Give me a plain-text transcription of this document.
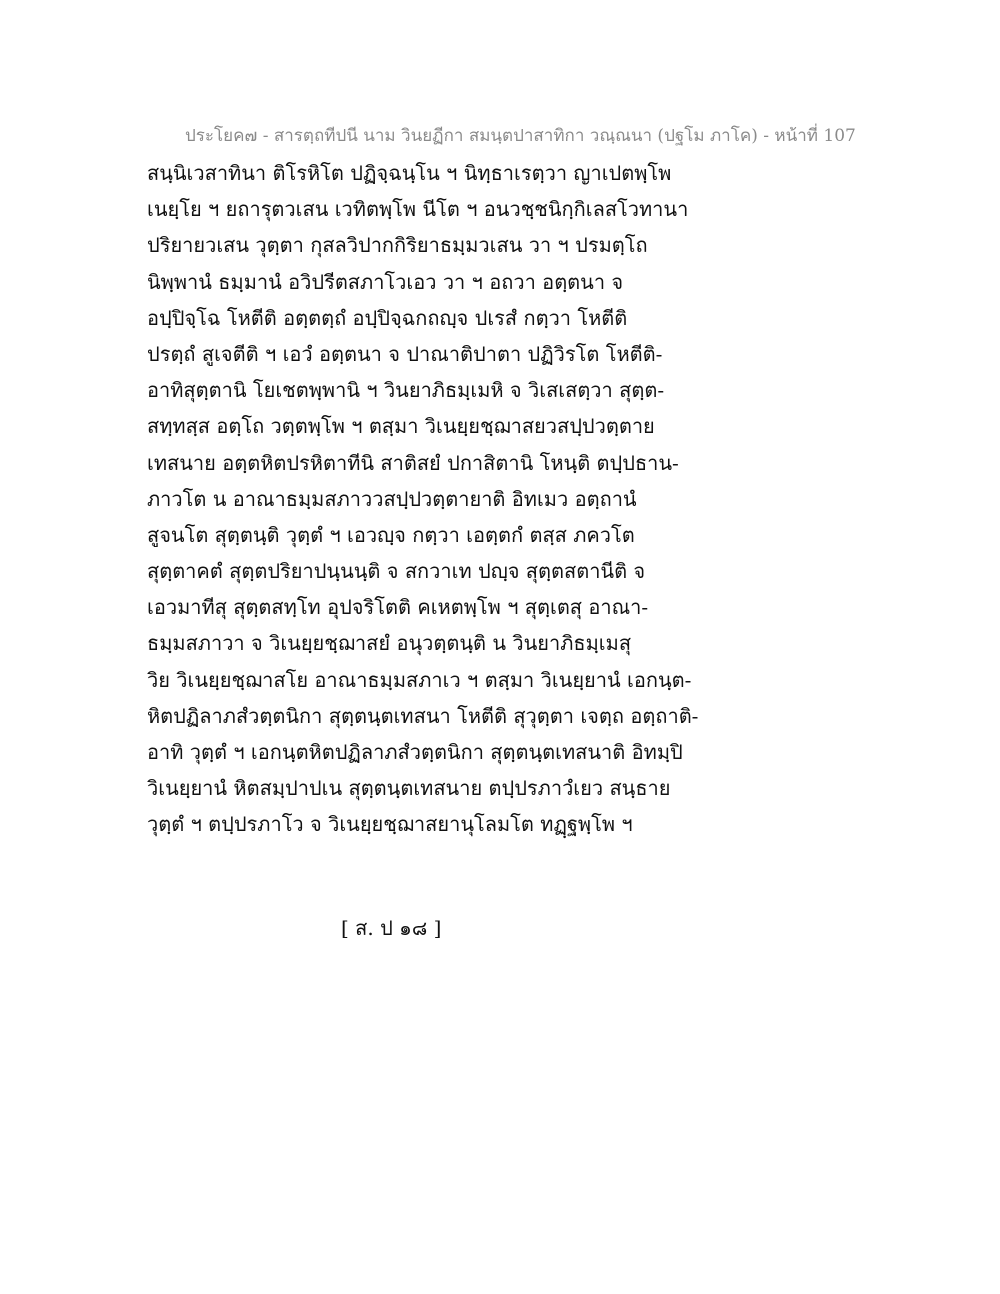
ประโยค๗ - สารตฺถทีปนี นาม วินยฏีกา สมนฺตปาสาทิกา วณฺณนา (ปฐโม ภาโค) - หน้าที่ 107
สนฺนิเวสาทินา ติโรหิโต ปฏิจฺฉนฺโน ฯ นิทฺธาเรตฺวา ญาเปตพฺโพ
เนยฺโย ฯ ยถารุตวเสน เวทิตพฺโพ นีโต ฯ อนวชฺชนิกฺกิเลสโวทานา
ปริยายวเสน วุตฺตา กุสลวิปากกิริยาธมฺมวเสน วา ฯ ปรมตฺโถ
นิพฺพานํ ธมฺมานํ อวิปรีตสภาโวเอว วา ฯ อถวา อตฺตนา จ
อปฺปิจฺโฉ โหตีติ อตฺตตฺถํ อปฺปิจฺฉกถญฺจ ปเรสํ กตฺวา โหตีติ
ปรตฺถํ สูเจตีติ ฯ เอวํ อตฺตนา จ ปาณาติปาตา ปฏิวิรโต โหตีติ-
อาทิสุตฺตานิ โยเชตพฺพานิ ฯ วินยาภิธมฺเมหิ จ วิเสเสตฺวา สุตฺต-
สทฺทสฺส อตฺโถ วตฺตพฺโพ ฯ ตสฺมา วิเนยฺยชฺฌาสยวสปฺปวตฺตาย
เทสนาย อตฺตหิตปรหิตาทีนิ สาติสยํ ปกาสิตานิ โหนฺติ ตปฺปธาน-
ภาวโต น อาณาธมฺมสภาววสปฺปวตฺตายาติ อิทเมว อตฺถานํ
สูจนโต สุตฺตนฺติ วุตฺตํ ฯ เอวญฺจ กตฺวา เอตฺตกํ ตสฺส ภควโต
สุตฺตาคตํ สุตฺตปริยาปนฺนนฺติ จ สกวาเท ปญฺจ สุตฺตสตานีติ จ
เอวมาทีสุ สุตฺตสทฺโท อุปจริโตติ คเหตพฺโพ ฯ สุตฺเตสุ อาณา-
ธมฺมสภาวา จ วิเนยฺยชฺฌาสยํ อนุวตฺตนฺติ น วินยาภิธมฺเมสุ
วิย วิเนยฺยชฺฌาสโย อาณาธมฺมสภาเว ฯ ตสฺมา วิเนยฺยานํ เอกนฺต-
หิตปฏิลาภสํวตฺตนิกา สุตฺตนฺตเทสนา โหตีติ สุวุตฺตา เจตฺถ อตฺถาติ-
อาทิ วุตฺตํ ฯ เอกนฺตหิตปฏิลาภสํวตฺตนิกา สุตฺตนฺตเทสนาติ อิทมฺปิ
วิเนยฺยานํ หิตสมฺปาปเน สุตฺตนฺตเทสนาย ตปฺปรภาวํเยว สนฺธาย
วุตฺตํ ฯ ตปฺปรภาโว จ วิเนยฺยชฺฌาสยานุโลมโต ทฏฺฐพฺโพ ฯ
[ ส. ป ๑๘ ]
